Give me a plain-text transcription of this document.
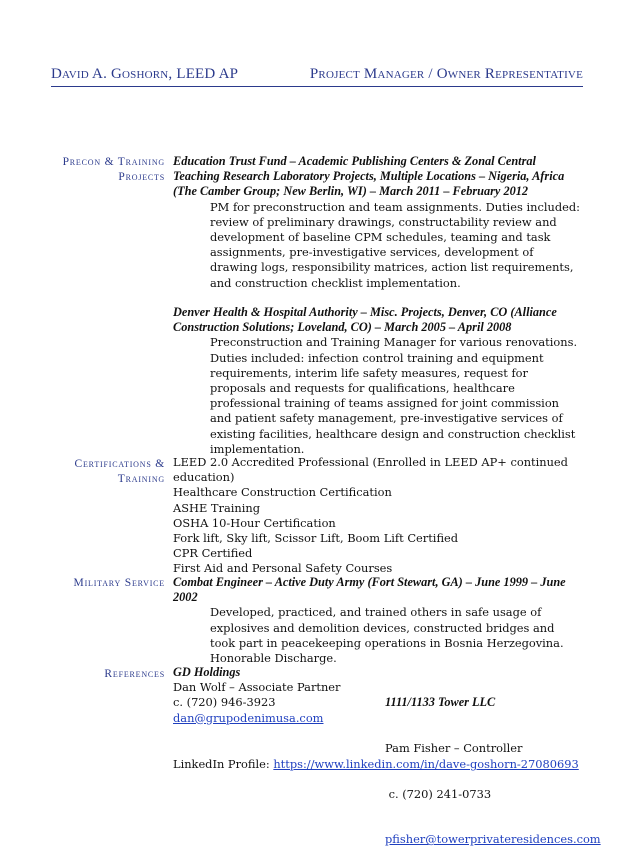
David A. Goshorn, LEED AP	Project Manager / Owner Representative
Precon & Training
Projects
Education Trust Fund – Academic Publishing Centers & Zonal Central Teaching Research Laboratory Projects, Multiple Locations – Nigeria, Africa (The Camber Group; New Berlin, WI) – March 2011 – February 2012
PM for preconstruction and team assignments. Duties included: review of preliminary drawings, constructability review and development of baseline CPM schedules, teaming and task assignments, pre-investigative services, development of drawing logs, responsibility matrices, action list requirements, and construction checklist implementation.
Denver Health & Hospital Authority – Misc. Projects, Denver, CO (Alliance Construction Solutions; Loveland, CO) – March 2005 – April 2008
Preconstruction and Training Manager for various renovations. Duties included: infection control training and equipment requirements, interim life safety measures, request for proposals and requests for qualifications, healthcare professional training of teams assigned for joint commission and patient safety management, pre-investigative services of existing facilities, healthcare design and construction checklist implementation.
Certifications &
Training
LEED 2.0 Accredited Professional (Enrolled in LEED AP+ continued education)
Healthcare Construction Certification
ASHE Training
OSHA 10-Hour Certification
Fork lift, Sky lift, Scissor Lift, Boom Lift Certified
CPR Certified
First Aid and Personal Safety Courses
Military Service Combat Engineer – Active Duty Army (Fort Stewart, GA) – June 1999 – June 2002
Developed, practiced, and trained others in safe usage of explosives and demolition devices, constructed bridges and took part in peacekeeping operations in Bosnia Herzegovina. Honorable Discharge.
References GD Holdings
Dan Wolf – Associate Partner
c. (720) 946-3923
dan@grupodenimusa.com

1111/1133 Tower LLC

Pam Fisher – Controller

c. (720) 241-0733

pfisher@towerprivateresidences.com

LinkedIn Profile: https://www.linkedin.com/in/dave-goshorn-27080693
